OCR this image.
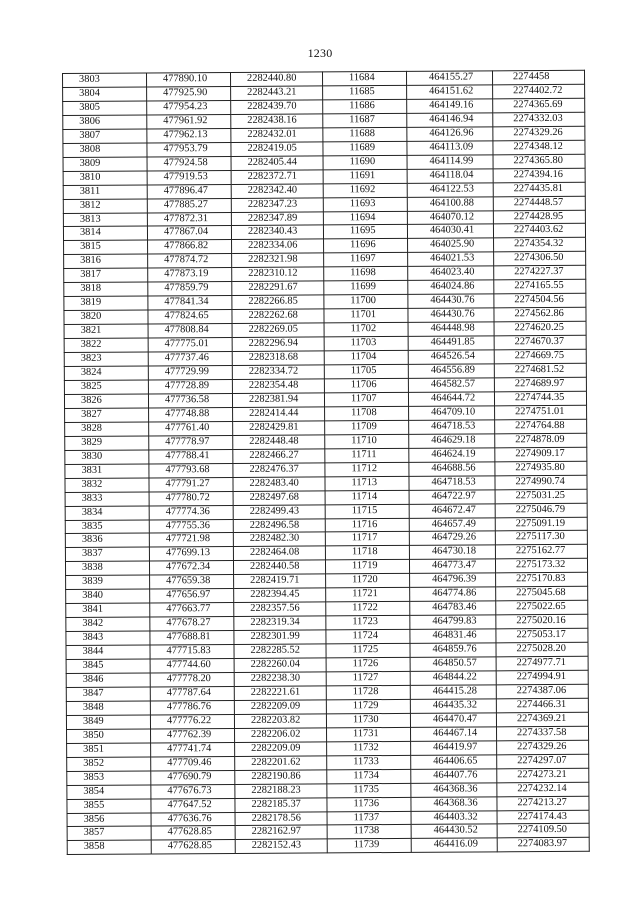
1230
3803	477890.10	2282440.80	11684	464155.27	2274458
3804	477925.90	2282443.21	11685	464151.62	2274402.72
3805	477954.23	2282439.70	11686	464149.16	2274365.69
3806	477961.92	2282438.16	11687	464146.94	2274332.03
3807	477962.13	2282432.01	11688	464126.96	2274329.26
3808	477953.79	2282419.05	11689	464113.09	2274348.12
3809	477924.58	2282405.44	11690	464114.99	2274365.80
3810	477919.53	2282372.71	11691	464118.04	2274394.16
3811	477896.47	2282342.40	11692	464122.53	2274435.81
3812	477885.27	2282347.23	11693	464100.88	2274448.57
3813	477872.31	2282347.89	11694	464070.12	2274428.95
3814	477867.04	2282340.43	11695	464030.41	2274403.62
3815	477866.82	2282334.06	11696	464025.90	2274354.32
3816	477874.72	2282321.98	11697	464021.53	2274306.50
3817	477873.19	2282310.12	11698	464023.40	2274227.37
3818	477859.79	2282291.67	11699	464024.86	2274165.55
3819	477841.34	2282266.85	11700	464430.76	2274504.56
3820	477824.65	2282262.68	11701	464430.76	2274562.86
3821	477808.84	2282269.05	11702	464448.98	2274620.25
3822	477775.01	2282296.94	11703	464491.85	2274670.37
3823	477737.46	2282318.68	11704	464526.54	2274669.75
3824	477729.99	2282334.72	11705	464556.89	2274681.52
3825	477728.89	2282354.48	11706	464582.57	2274689.97
3826	477736.58	2282381.94	11707	464644.72	2274744.35
3827	477748.88	2282414.44	11708	464709.10	2274751.01
3828	477761.40	2282429.81	11709	464718.53	2274764.88
3829	477778.97	2282448.48	11710	464629.18	2274878.09
3830	477788.41	2282466.27	11711	464624.19	2274909.17
3831	477793.68	2282476.37	11712	464688.56	2274935.80
3832	477791.27	2282483.40	11713	464718.53	2274990.74
3833	477780.72	2282497.68	11714	464722.97	2275031.25
3834	477774.36	2282499.43	11715	464672.47	2275046.79
3835	477755.36	2282496.58	11716	464657.49	2275091.19
3836	477721.98	2282482.30	11717	464729.26	2275117.30
3837	477699.13	2282464.08	11718	464730.18	2275162.77
3838	477672.34	2282440.58	11719	464773.47	2275173.32
3839	477659.38	2282419.71	11720	464796.39	2275170.83
3840	477656.97	2282394.45	11721	464774.86	2275045.68
3841	477663.77	2282357.56	11722	464783.46	2275022.65
3842	477678.27	2282319.34	11723	464799.83	2275020.16
3843	477688.81	2282301.99	11724	464831.46	2275053.17
3844	477715.83	2282285.52	11725	464859.76	2275028.20
3845	477744.60	2282260.04	11726	464850.57	2274977.71
3846	477778.20	2282238.30	11727	464844.22	2274994.91
3847	477787.64	2282221.61	11728	464415.28	2274387.06
3848	477786.76	2282209.09	11729	464435.32	2274466.31
3849	477776.22	2282203.82	11730	464470.47	2274369.21
3850	477762.39	2282206.02	11731	464467.14	2274337.58
3851	477741.74	2282209.09	11732	464419.97	2274329.26
3852	477709.46	2282201.62	11733	464406.65	2274297.07
3853	477690.79	2282190.86	11734	464407.76	2274273.21
3854	477676.73	2282188.23	11735	464368.36	2274232.14
3855	477647.52	2282185.37	11736	464368.36	2274213.27
3856	477636.76	2282178.56	11737	464403.32	2274174.43
3857	477628.85	2282162.97	11738	464430.52	2274109.50
3858	477628.85	2282152.43	11739	464416.09	2274083.97
